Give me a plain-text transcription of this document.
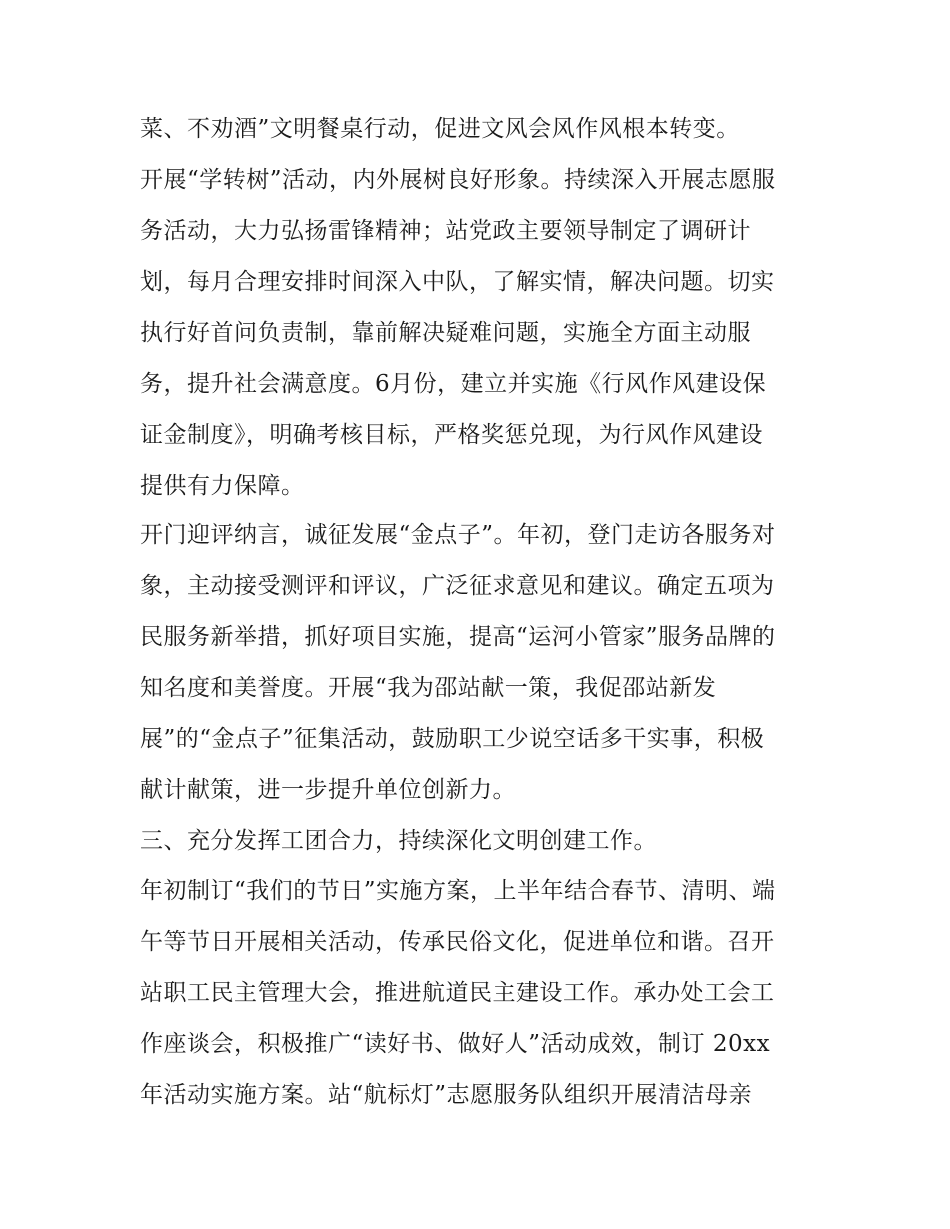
菜、不劝酒”文明餐桌行动，促进文风会风作风根本转变。

开展“学转树”活动，内外展树良好形象。持续深入开展志愿服

务活动，大力弘扬雷锋精神；站党政主要领导制定了调研计

划，每月合理安排时间深入中队，了解实情，解决问题。切实

执行好首问负责制，靠前解决疑难问题，实施全方面主动服

务，提升社会满意度。6月份，建立并实施《行风作风建设保

证金制度》，明确考核目标，严格奖惩兑现，为行风作风建设

提供有力保障。

开门迎评纳言，诚征发展“金点子”。年初，登门走访各服务对

象，主动接受测评和评议，广泛征求意见和建议。确定五项为

民服务新举措，抓好项目实施，提高“运河小管家”服务品牌的

知名度和美誉度。开展“我为邵站献一策，我促邵站新发

展”的“金点子”征集活动，鼓励职工少说空话多干实事，积极

献计献策，进一步提升单位创新力。

三、充分发挥工团合力，持续深化文明创建工作。

年初制订“我们的节日”实施方案，上半年结合春节、清明、端

午等节日开展相关活动，传承民俗文化，促进单位和谐。召开

站职工民主管理大会，推进航道民主建设工作。承办处工会工

作座谈会，积极推广“读好书、做好人”活动成效，制订 20xx

年活动实施方案。站“航标灯”志愿服务队组织开展清洁母亲
